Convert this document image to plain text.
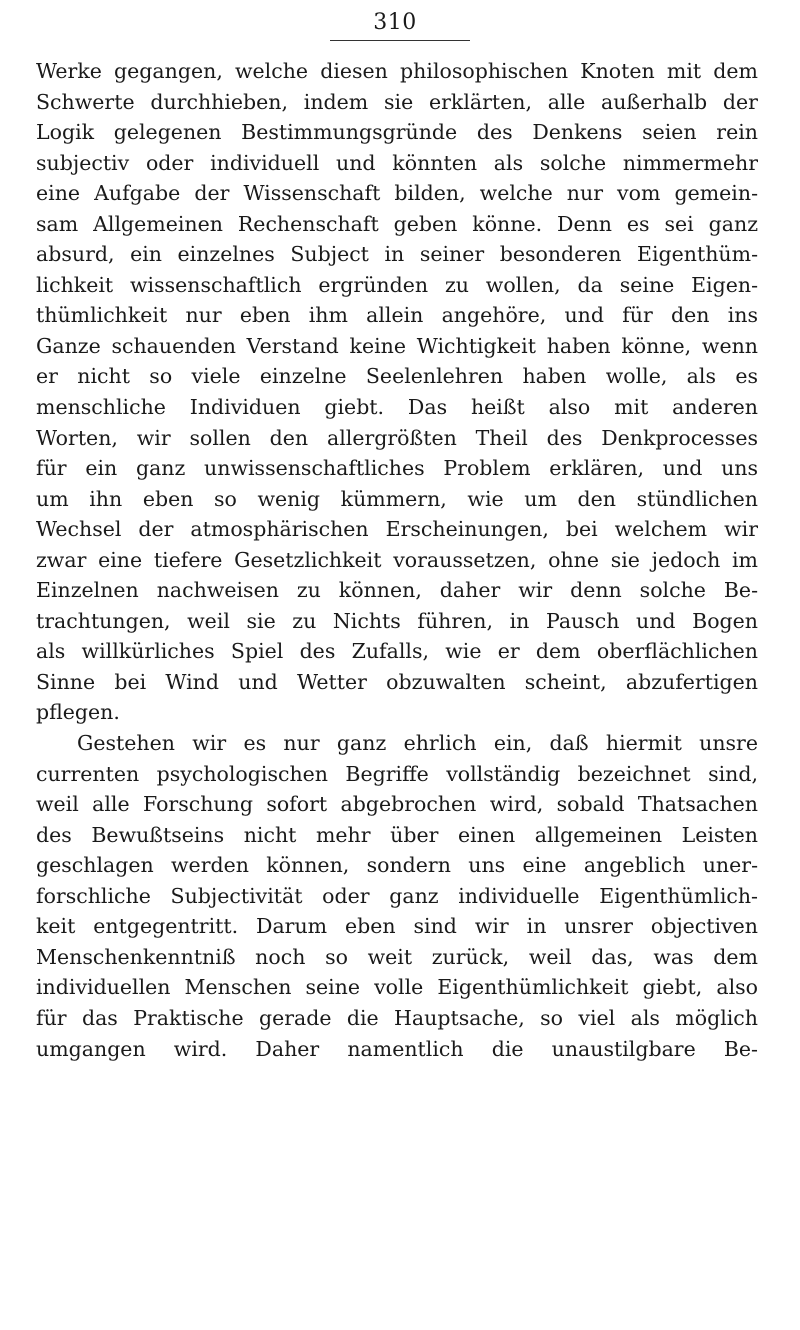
310
Werke gegangen, welche diesen philosophischen Knoten mit dem
Schwerte durchhieben, indem sie erklärten, alle außerhalb der
Logik gelegenen Bestimmungsgründe des Denkens seien rein
subjectiv oder individuell und könnten als solche nimmermehr
eine Aufgabe der Wissenschaft bilden, welche nur vom gemein-
sam Allgemeinen Rechenschaft geben könne. Denn es sei ganz
absurd, ein einzelnes Subject in seiner besonderen Eigenthüm-
lichkeit wissenschaftlich ergründen zu wollen, da seine Eigen-
thümlichkeit nur eben ihm allein angehöre, und für den ins
Ganze schauenden Verstand keine Wichtigkeit haben könne, wenn
er nicht so viele einzelne Seelenlehren haben wolle, als es
menschliche Individuen giebt. Das heißt also mit anderen
Worten, wir sollen den allergrößten Theil des Denkprocesses
für ein ganz unwissenschaftliches Problem erklären, und uns
um ihn eben so wenig kümmern, wie um den stündlichen
Wechsel der atmosphärischen Erscheinungen, bei welchem wir
zwar eine tiefere Gesetzlichkeit voraussetzen, ohne sie jedoch im
Einzelnen nachweisen zu können, daher wir denn solche Be-
trachtungen, weil sie zu Nichts führen, in Pausch und Bogen
als willkürliches Spiel des Zufalls, wie er dem oberflächlichen
Sinne bei Wind und Wetter obzuwalten scheint, abzufertigen
pflegen.
Gestehen wir es nur ganz ehrlich ein, daß hiermit unsre
currenten psychologischen Begriffe vollständig bezeichnet sind,
weil alle Forschung sofort abgebrochen wird, sobald Thatsachen
des Bewußtseins nicht mehr über einen allgemeinen Leisten
geschlagen werden können, sondern uns eine angeblich uner-
forschliche Subjectivität oder ganz individuelle Eigenthümlich-
keit entgegentritt. Darum eben sind wir in unsrer objectiven
Menschenkenntniß noch so weit zurück, weil das, was dem
individuellen Menschen seine volle Eigenthümlichkeit giebt, also
für das Praktische gerade die Hauptsache, so viel als möglich
umgangen wird. Daher namentlich die unaustilgbare Be-
